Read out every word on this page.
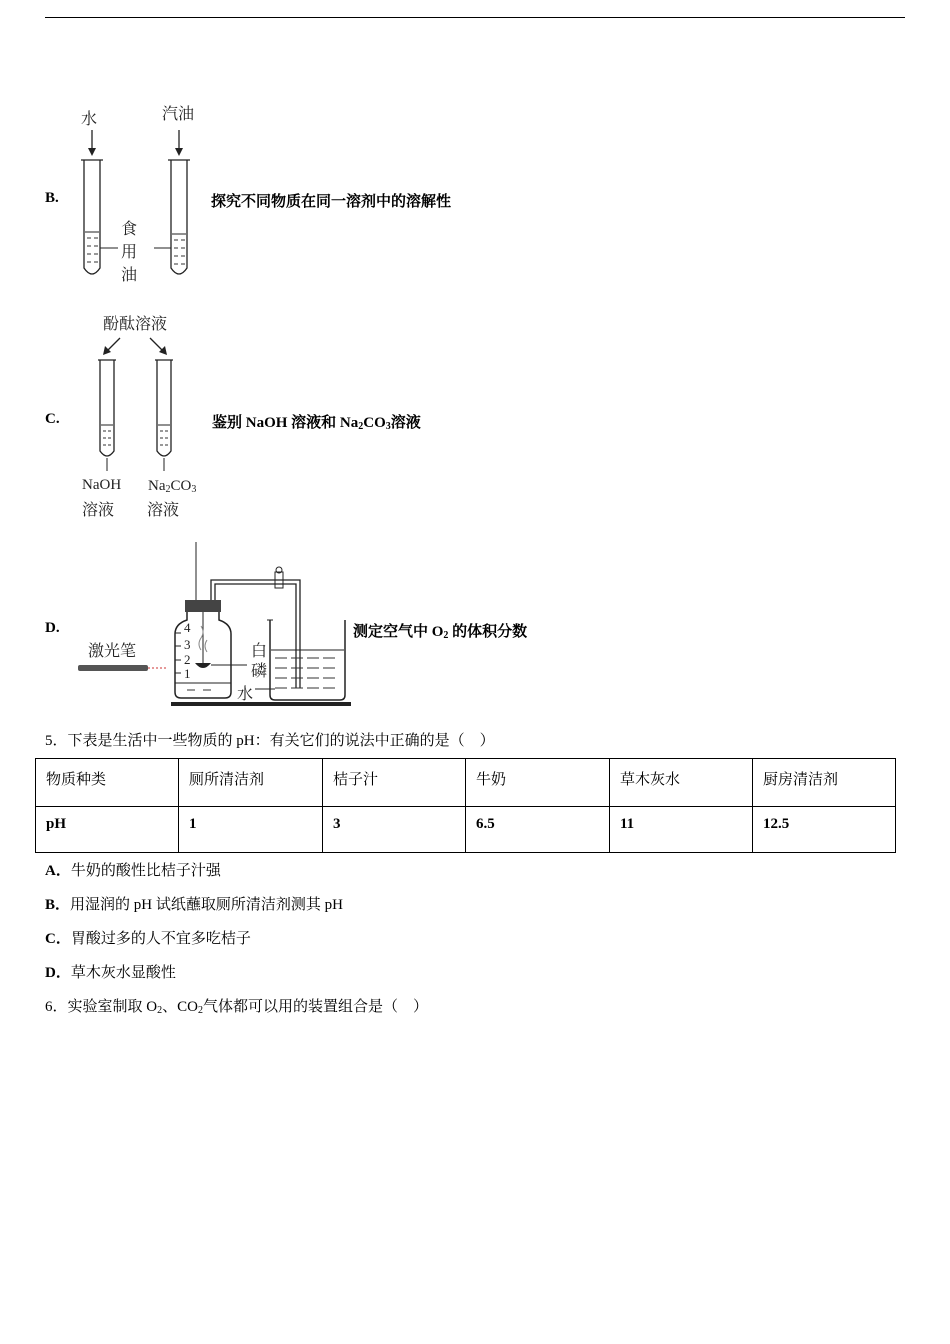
B.
水	汽油
食
用
油
探究不同物质在同一溶剂中的溶解性
C.
酚酞溶液
NaOH
溶液
$Na_2CO_3$
溶液
鉴别 NaOH 溶液和 $Na_2CO_3$溶液
D.
激光笔
4
3
2
1
白
磷
水
测定空气中 $O_2$ 的体积分数
5．下表是生活中一些物质的 pH：有关它们的说法中正确的是（　）
物质种类	厕所清洁剂	桔子汁	牛奶	草木灰水	厨房清洁剂
pH	1	3	6.5	11	12.5
A．牛奶的酸性比桔子汁强
B．用湿润的 pH 试纸蘸取厕所清洁剂测其 pH
C．胃酸过多的人不宜多吃桔子
D．草木灰水显酸性
6．实验室制取 $O_2$、$CO_2$气体都可以用的装置组合是（　）
